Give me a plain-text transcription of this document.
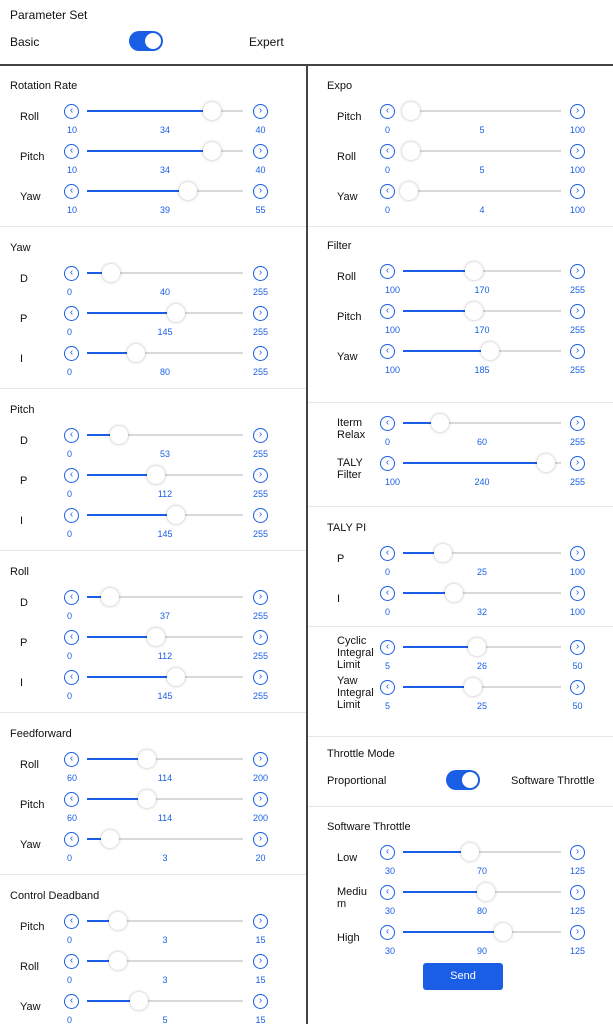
Parameter Set
Basic	Expert
Rotation Rate
Roll
‹	›
10	34	40
Pitch
‹	›
10	34	40
Yaw
‹	›
10	39	55
Yaw
D
‹	›
0	40	255
P
‹	›
0	145	255
I
‹	›
0	80	255
Pitch
D
‹	›
0	53	255
P
‹	›
0	112	255
I
‹	›
0	145	255
Roll
D
‹	›
0	37	255
P
‹	›
0	112	255
I
‹	›
0	145	255
Feedforward
Roll
‹	›
60	114	200
Pitch
‹	›
60	114	200
Yaw
‹	›
0	3	20
Control Deadband
Pitch
‹	›
0	3	15
Roll
‹	›
0	3	15
Yaw
‹	›
0	5	15
Expo
Pitch
‹	›
0	5	100
Roll
‹	›
0	5	100
Yaw
‹	›
0	4	100
Filter
Roll
‹	›
100	170	255
Pitch
‹	›
100	170	255
Yaw
‹	›
100	185	255
Iterm
Relax
‹	›
0	60	255
TALY
Filter
‹	›
100	240	255
TALY PI
P
‹	›
0	25	100
I
‹	›
0	32	100
Cyclic
Integral
Limit
‹	›
5	26	50
Yaw
Integral
Limit
‹	›
5	25	50
Throttle Mode
Proportional	Software Throttle
Software Throttle
Low
‹	›
30	70	125
Mediu
m
‹	›
30	80	125
High
‹	›
30	90	125
Send
